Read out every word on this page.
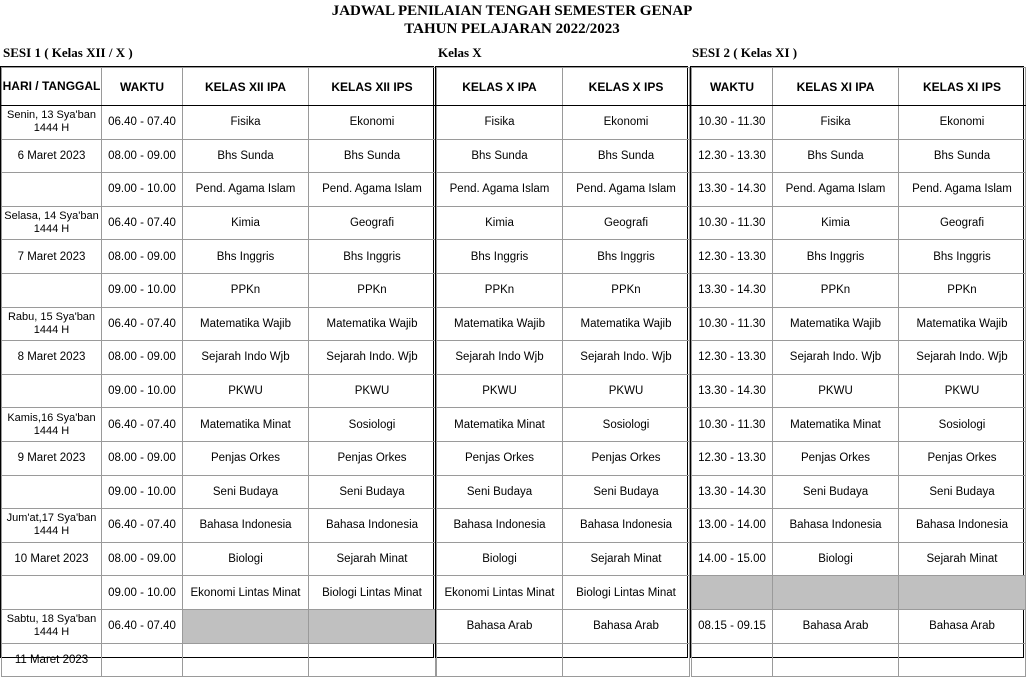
JADWAL PENILAIAN TENGAH SEMESTER GENAP
TAHUN PELAJARAN 2022/2023
SESI 1 ( Kelas XII / X )	Kelas X	SESI 2 ( Kelas XI )
HARI / TANGGAL	WAKTU	KELAS XII IPA	KELAS XII IPS
Senin, 13 Sya'ban 1444 H	06.40 - 07.40	Fisika	Ekonomi
6 Maret 2023	08.00 - 09.00	Bhs Sunda	Bhs Sunda
	09.00 - 10.00	Pend. Agama Islam	Pend. Agama Islam
Selasa, 14 Sya'ban 1444 H	06.40 - 07.40	Kimia	Geografi
7 Maret 2023	08.00 - 09.00	Bhs Inggris	Bhs Inggris
	09.00 - 10.00	PPKn	PPKn
Rabu, 15 Sya'ban 1444 H	06.40 - 07.40	Matematika Wajib	Matematika Wajib
8 Maret 2023	08.00 - 09.00	Sejarah Indo Wjb	Sejarah Indo. Wjb
	09.00 - 10.00	PKWU	PKWU
Kamis,16 Sya'ban 1444 H	06.40 - 07.40	Matematika Minat	Sosiologi
9 Maret 2023	08.00 - 09.00	Penjas Orkes	Penjas Orkes
	09.00 - 10.00	Seni Budaya	Seni Budaya
Jum'at,17 Sya'ban 1444 H	06.40 - 07.40	Bahasa Indonesia	Bahasa Indonesia
10 Maret 2023	08.00 - 09.00	Biologi	Sejarah Minat
	09.00 - 10.00	Ekonomi Lintas Minat	Biologi Lintas Minat
Sabtu, 18 Sya'ban 1444 H	06.40 - 07.40		
11 Maret 2023			
KELAS X IPA	KELAS X IPS
Fisika	Ekonomi
Bhs Sunda	Bhs Sunda
Pend. Agama Islam	Pend. Agama Islam
Kimia	Geografi
Bhs Inggris	Bhs Inggris
PPKn	PPKn
Matematika Wajib	Matematika Wajib
Sejarah Indo Wjb	Sejarah Indo. Wjb
PKWU	PKWU
Matematika Minat	Sosiologi
Penjas Orkes	Penjas Orkes
Seni Budaya	Seni Budaya
Bahasa Indonesia	Bahasa Indonesia
Biologi	Sejarah Minat
Ekonomi Lintas Minat	Biologi Lintas Minat
Bahasa Arab	Bahasa Arab

WAKTU	KELAS XI IPA	KELAS XI IPS
10.30 - 11.30	Fisika	Ekonomi
12.30 - 13.30	Bhs Sunda	Bhs Sunda
13.30 - 14.30	Pend. Agama Islam	Pend. Agama Islam
10.30 - 11.30	Kimia	Geografi
12.30 - 13.30	Bhs Inggris	Bhs Inggris
13.30 - 14.30	PPKn	PPKn
10.30 - 11.30	Matematika Wajib	Matematika Wajib
12.30 - 13.30	Sejarah Indo. Wjb	Sejarah Indo. Wjb
13.30 - 14.30	PKWU	PKWU
10.30 - 11.30	Matematika Minat	Sosiologi
12.30 - 13.30	Penjas Orkes	Penjas Orkes
13.30 - 14.30	Seni Budaya	Seni Budaya
13.00 - 14.00	Bahasa Indonesia	Bahasa Indonesia
14.00 - 15.00	Biologi	Sejarah Minat

08.15 - 09.15	Bahasa Arab	Bahasa Arab
